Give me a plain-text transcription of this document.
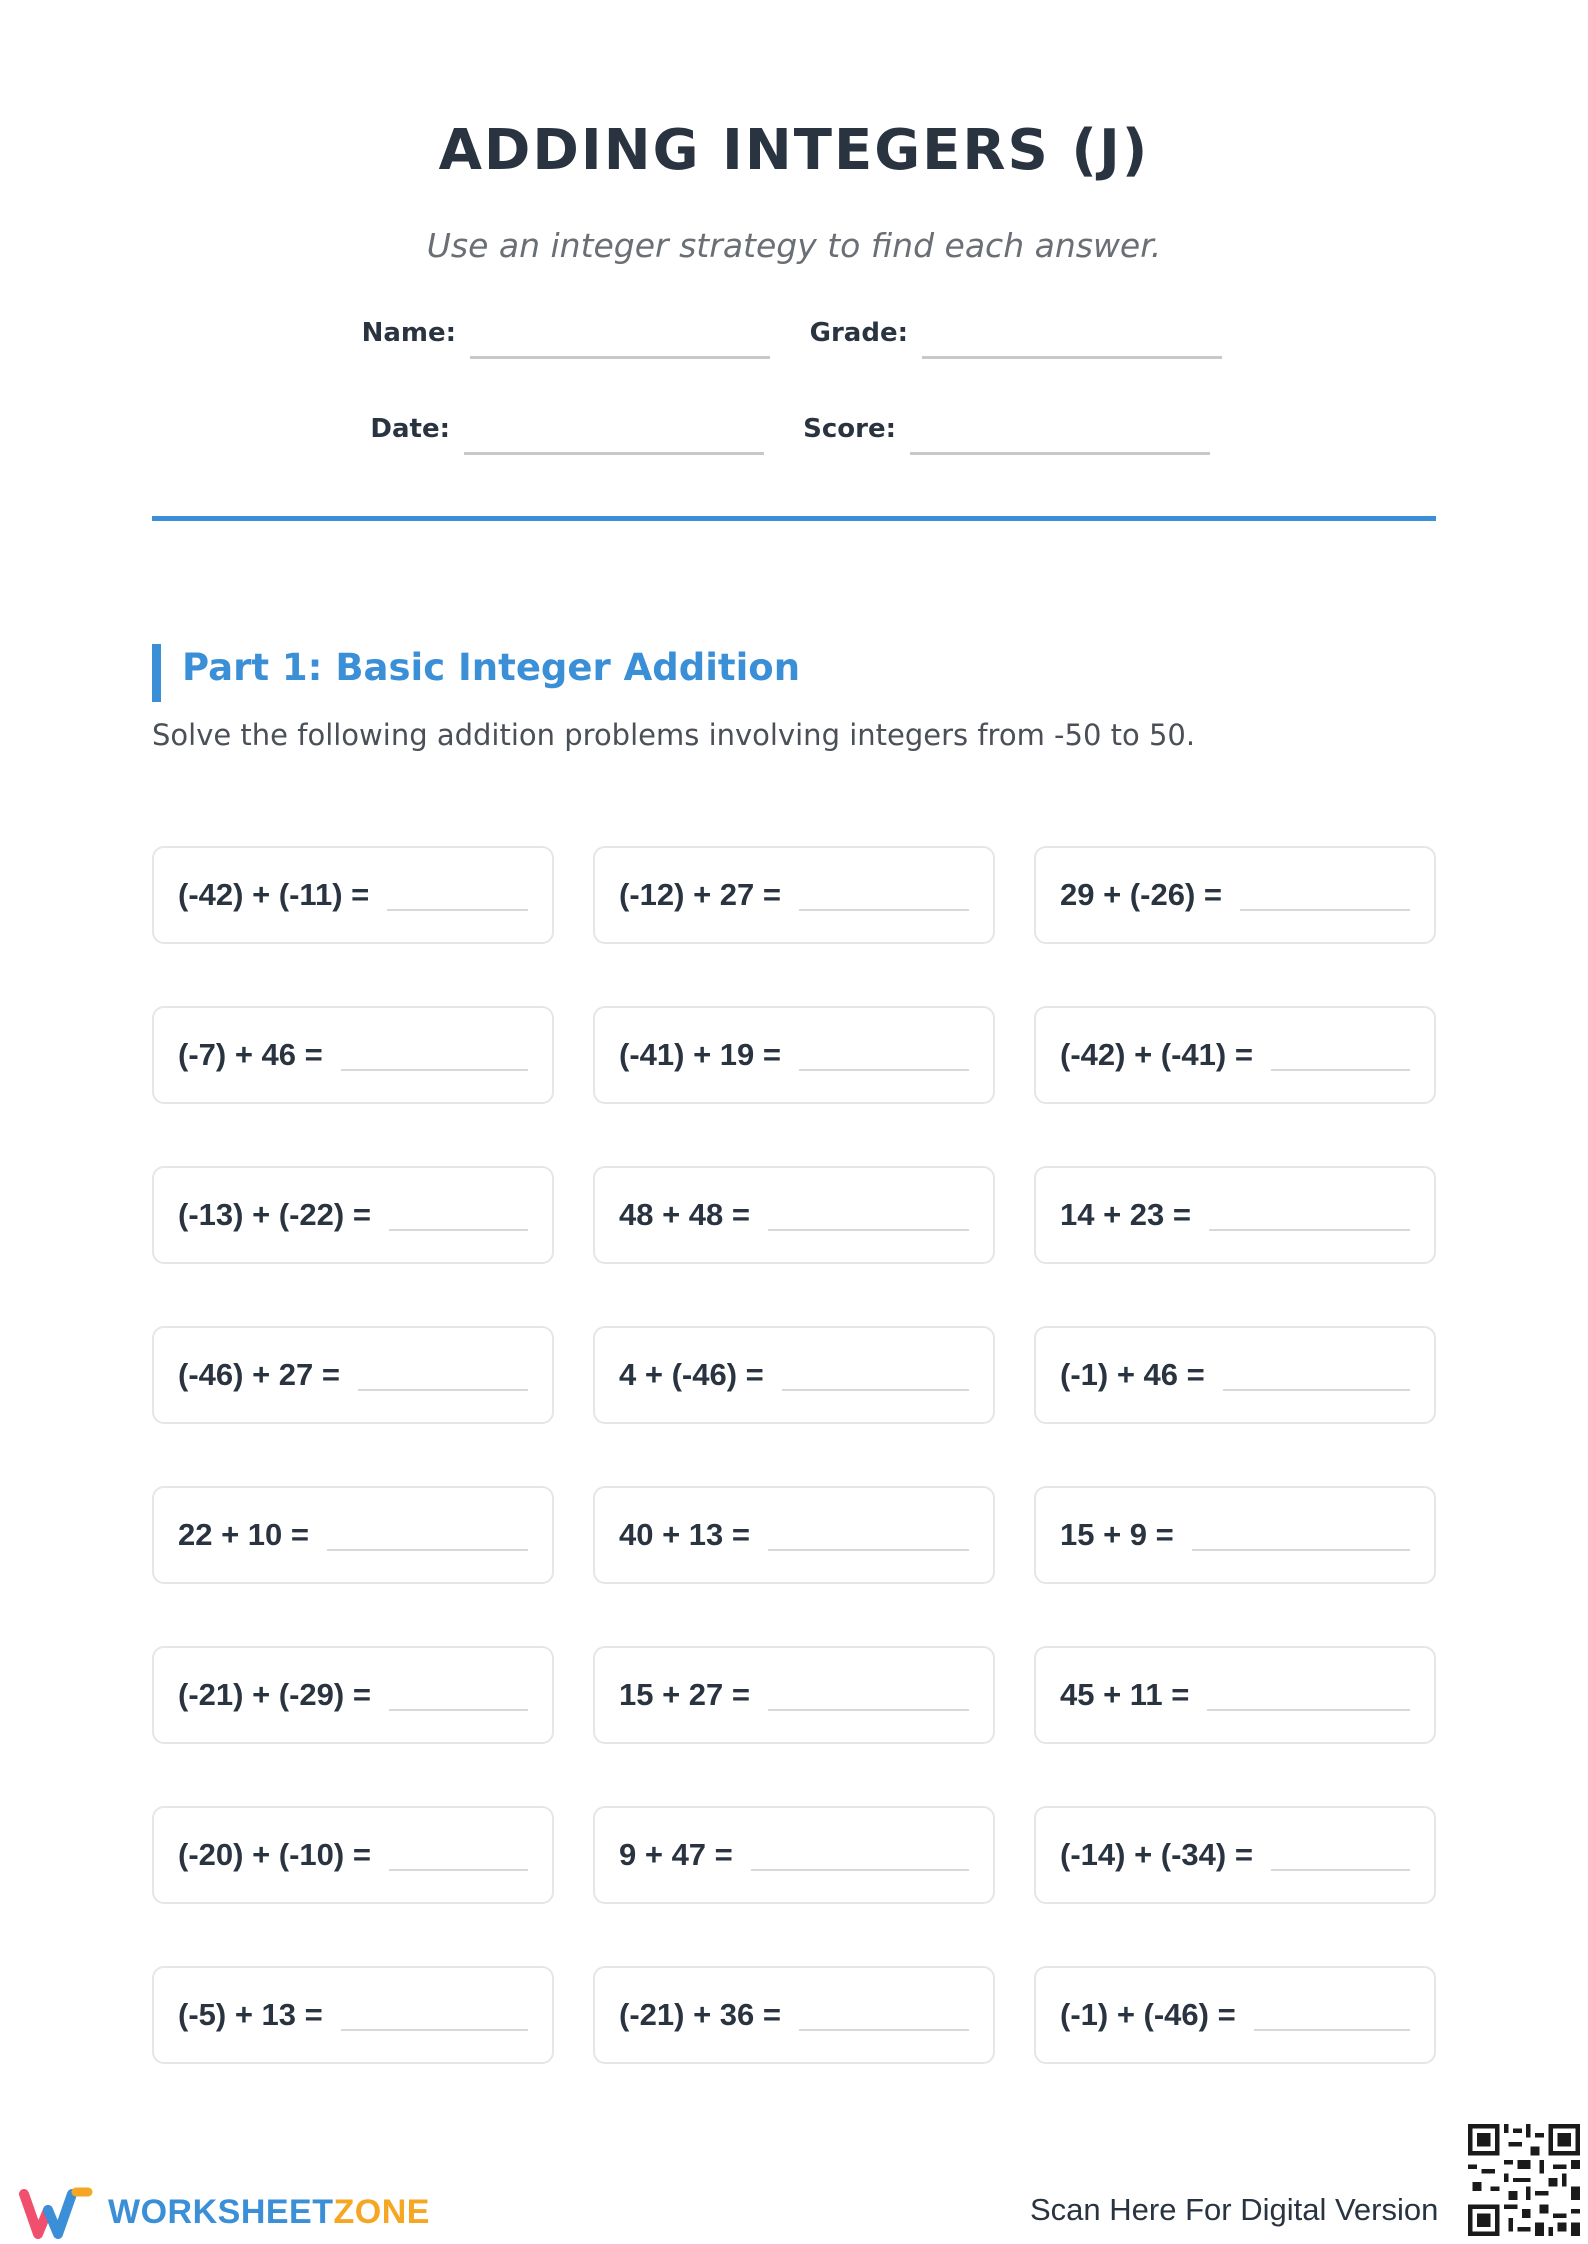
ADDING INTEGERS (J)
Use an integer strategy to find each answer.
Name:	Grade:
Date:	Score:
Part 1: Basic Integer Addition
Solve the following addition problems involving integers from -50 to 50.
(-42) + (-11) =	(-12) + 27 =	29 + (-26) =
(-7) + 46 =	(-41) + 19 =	(-42) + (-41) =
(-13) + (-22) =	48 + 48 =	14 + 23 =
(-46) + 27 =	4 + (-46) =	(-1) + 46 =
22 + 10 =	40 + 13 =	15 + 9 =
(-21) + (-29) =	15 + 27 =	45 + 11 =
(-20) + (-10) =	9 + 47 =	(-14) + (-34) =
(-5) + 13 =	(-21) + 36 =	(-1) + (-46) =
WORKSHEETZONE	Scan Here For Digital Version
